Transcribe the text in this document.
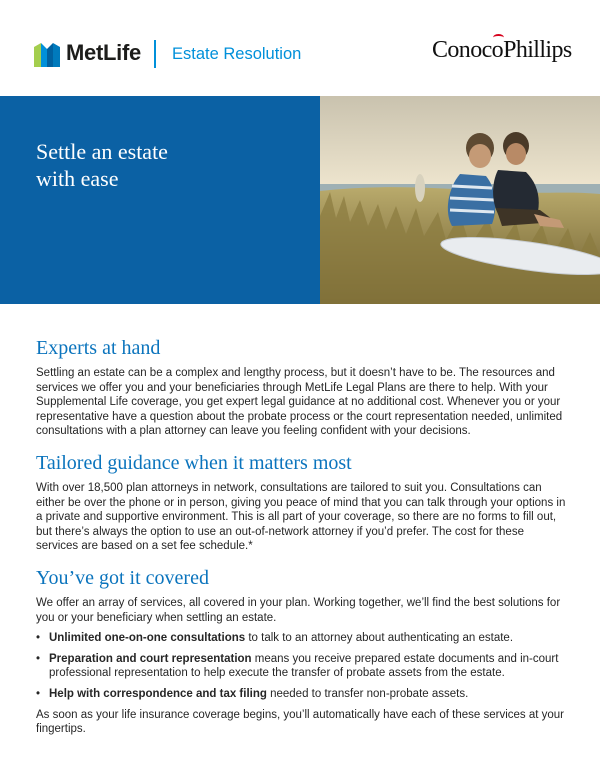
MetLife Estate Resolution	ConocoPhillips
Settle an estate
with ease
Experts at hand

Settling an estate can be a complex and lengthy process, but it doesn’t have to be. The resources and services we offer you and your beneficiaries through MetLife Legal Plans are there to help. With your Supplemental Life coverage, you get expert legal guidance at no additional cost. Whenever you or your representative have a question about the probate process or the court representation needed, unlimited consultations with a plan attorney can leave you feeling confident with your decisions.

Tailored guidance when it matters most

With over 18,500 plan attorneys in network, consultations are tailored to suit you. Consultations can either be over the phone or in person, giving you peace of mind that you can talk through your options in a private and supportive environment. This is all part of your coverage, so there are no forms to fill out, but there’s always the option to use an out-of-network attorney if you’d prefer. The cost for these services are based on a set fee schedule.*

You’ve got it covered

We offer an array of services, all covered in your plan. Working together, we’ll find the best solutions for you or your beneficiary when settling an estate.

• Unlimited one-on-one consultations to talk to an attorney about authenticating an estate.
• Preparation and court representation means you receive prepared estate documents and in-court professional representation to help execute the transfer of probate assets from the estate.
• Help with correspondence and tax filing needed to transfer non-probate assets.

As soon as your life insurance coverage begins, you’ll automatically have each of these services at your fingertips.
